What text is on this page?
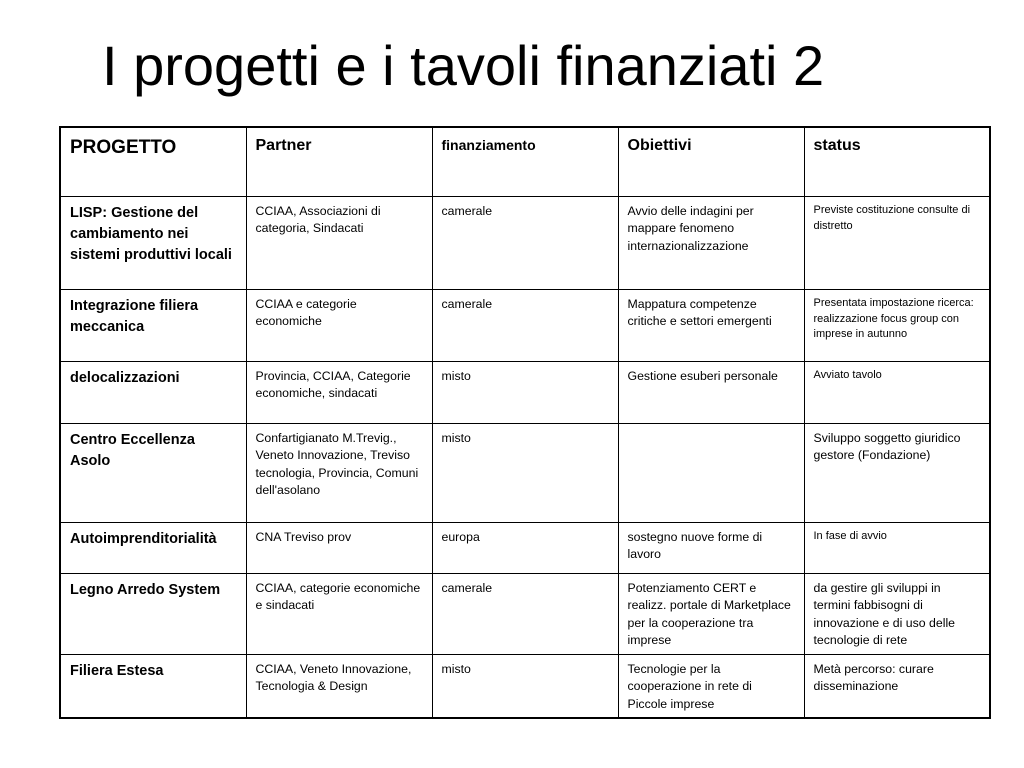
I progetti e i tavoli finanziati 2
PROGETTO	Partner	finanziamento	Obiettivi	status
LISP: Gestione del cambiamento nei sistemi produttivi locali	CCIAA, Associazioni di categoria, Sindacati	camerale	Avvio delle indagini per mappare fenomeno internazionalizzazione	Previste costituzione consulte di distretto
Integrazione filiera meccanica	CCIAA e categorie economiche	camerale	Mappatura competenze critiche e settori emergenti	Presentata impostazione ricerca: realizzazione focus group con imprese in autunno
delocalizzazioni	Provincia, CCIAA, Categorie economiche, sindacati	misto	Gestione esuberi personale	Avviato tavolo
Centro Eccellenza Asolo	Confartigianato M.Trevig., Veneto Innovazione, Treviso tecnologia, Provincia, Comuni dell'asolano	misto		Sviluppo soggetto giuridico gestore (Fondazione)
Autoimprenditorialità	CNA Treviso prov	europa	sostegno nuove forme di lavoro	In fase di avvio
Legno Arredo System	CCIAA, categorie economiche e sindacati	camerale	Potenziamento CERT e realizz. portale di Marketplace per la cooperazione tra imprese	da gestire gli sviluppi in termini fabbisogni di innovazione e di uso delle tecnologie di rete
Filiera Estesa	CCIAA, Veneto Innovazione, Tecnologia & Design	misto	Tecnologie per la cooperazione in rete di Piccole imprese	Metà percorso: curare disseminazione
